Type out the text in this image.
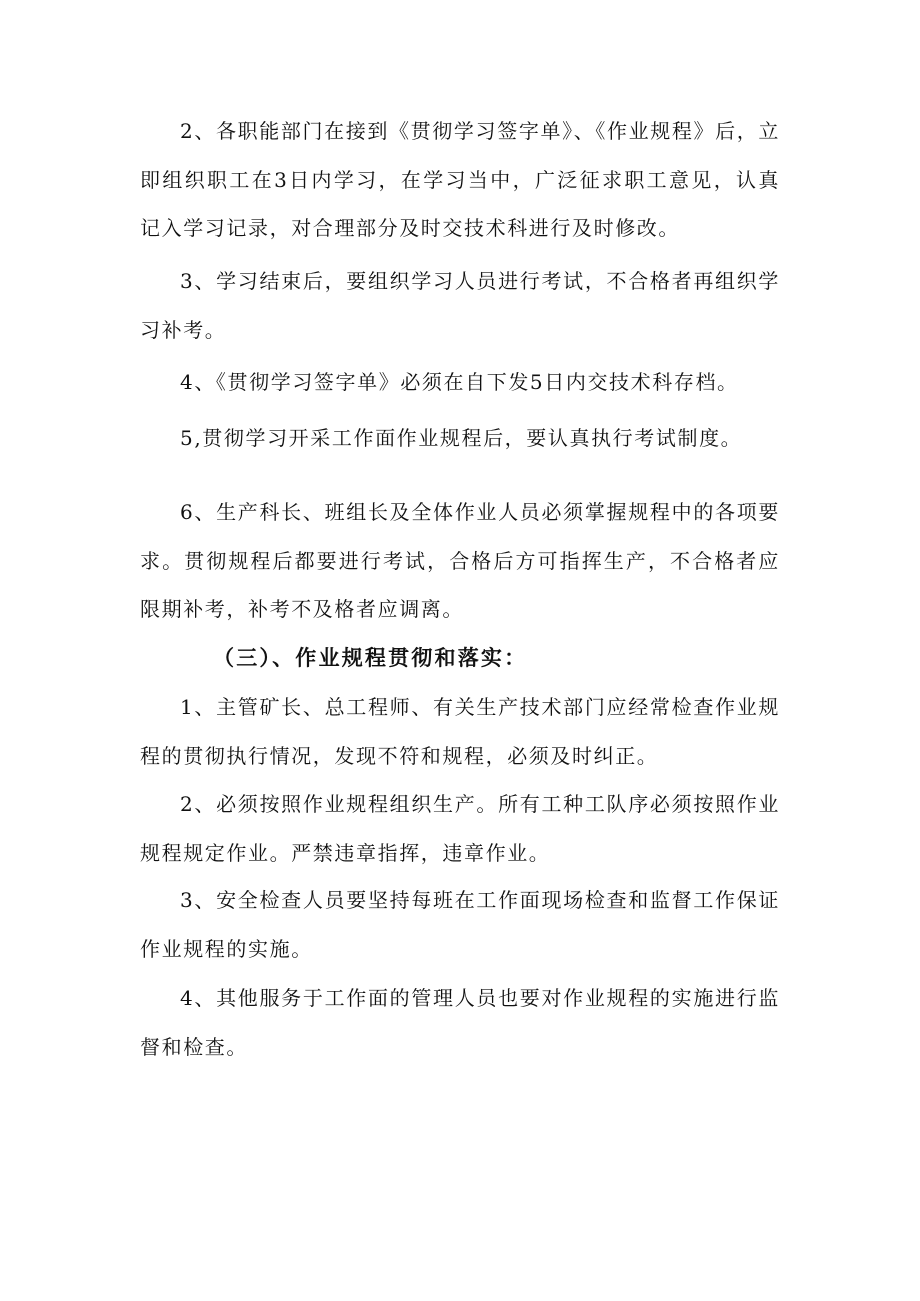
2、各职能部门在接到《贯彻学习签字单》、《作业规程》后，立即组织职工在3日内学习，在学习当中，广泛征求职工意见，认真记入学习记录，对合理部分及时交技术科进行及时修改。

3、学习结束后，要组织学习人员进行考试，不合格者再组织学习补考。

4、《贯彻学习签字单》必须在自下发5日内交技术科存档。

5,贯彻学习开采工作面作业规程后，要认真执行考试制度。

6、生产科长、班组长及全体作业人员必须掌握规程中的各项要求。贯彻规程后都要进行考试，合格后方可指挥生产，不合格者应限期补考，补考不及格者应调离。

（三）、作业规程贯彻和落实：

1、主管矿长、总工程师、有关生产技术部门应经常检查作业规程的贯彻执行情况，发现不符和规程，必须及时纠正。

2、必须按照作业规程组织生产。所有工种工队序必须按照作业规程规定作业。严禁违章指挥，违章作业。

3、安全检查人员要坚持每班在工作面现场检查和监督工作保证作业规程的实施。

4、其他服务于工作面的管理人员也要对作业规程的实施进行监督和检查。
